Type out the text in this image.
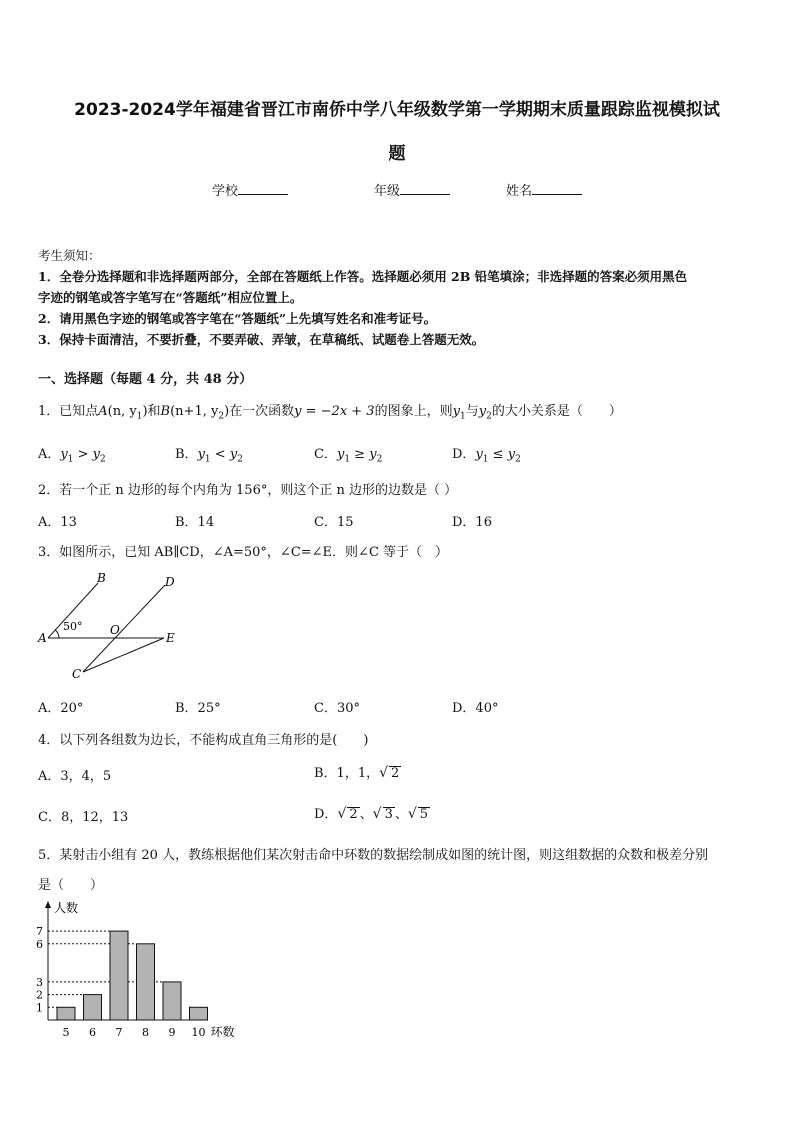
2023-2024学年福建省晋江市南侨中学八年级数学第一学期期末质量跟踪监视模拟试
题
学校	年级	姓名
考生须知：
1．全卷分选择题和非选择题两部分，全部在答题纸上作答。选择题必须用 2B 铅笔填涂；非选择题的答案必须用黑色
字迹的钢笔或答字笔写在“答题纸”相应位置上。
2．请用黑色字迹的钢笔或答字笔在“答题纸”上先填写姓名和准考证号。
3．保持卡面清洁，不要折叠，不要弄破、弄皱，在草稿纸、试题卷上答题无效。
一、选择题（每题 4 分，共 48 分）
1．已知点A(n, $y_1$)和B(n+1, $y_2$)在一次函数y = −2x + 3的图象上，则$y_1$与$y_2$的大小关系是（　　）
A．$y_1 > y_2$	B．$y_1 < y_2$	C．$y_1 \ge y_2$	D．$y_1 \le y_2$
2．若一个正 n 边形的每个内角为 156°，则这个正 n 边形的边数是（ ）
A．13	B．14	C．15	D．16
3．如图所示，已知 AB∥CD，∠A=50°，∠C=∠E．则∠C 等于（　）
A
B
C
D
E
O
50°
A．20°	B．25°	C．30°	D．40°
4．以下列各组数为边长，不能构成直角三角形的是(　　)
A．3，4，5	B．1，1，√ 2
C．8，12，13	D．√ 2 、√ 3 、√ 5
5．某射击小组有 20 人，教练根据他们某次射击命中环数的数据绘制成如图的统计图，则这组数据的众数和极差分别
是（　　）
人数
1
2
3
6
7
5 6 7 8 9 10 环数
